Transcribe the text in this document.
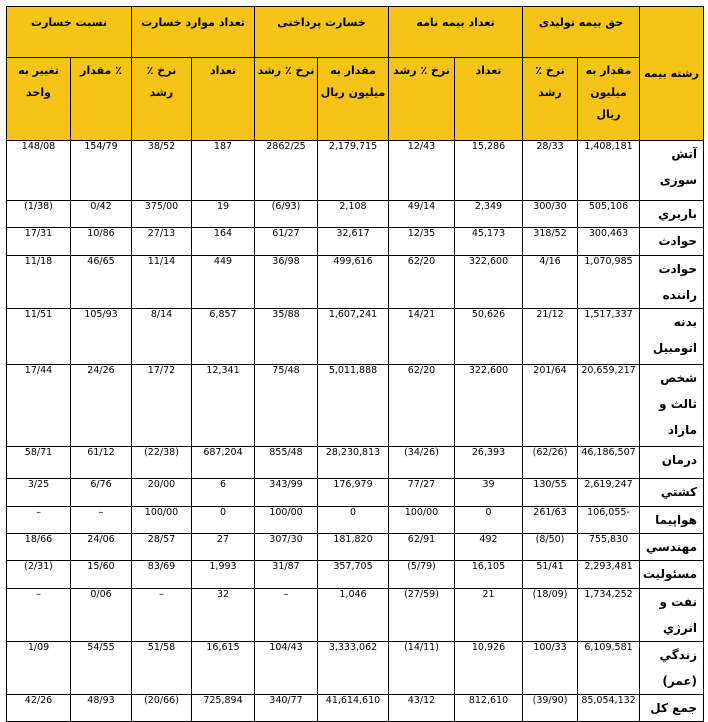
رشته بيمه	حق بیمه تولیدی		تعداد بیمه نامه		خسارت پرداختی		تعداد موارد خسارت		نسبت خسارت	
	مقدار به میلیون ریال	نرخ ٪ رشد	تعداد	نرخ ٪ رشد	مقدار به میلیون ریال	نرخ ٪ رشد	تعداد	نرخ ٪ رشد	٪ مقدار	تغییر به واحد
آتش سوزی	1,408,181	28/33	15,286	12/43	2,179,715	2862/25	187	38/52	154/79	148/08
باربري	505,106	300/30	2,349	49/14	2,108	(6/93)	19	375/00	0/42	(1/38)
حوادث	300,463	318/52	45,173	12/35	32,617	61/27	164	27/13	10/86	17/31
حوادث راننده	1,070,985	4/16	322,600	62/20	499,616	36/98	449	11/14	46/65	11/18
بدنه اتومبیل	1,517,337	21/12	50,626	14/21	1,607,241	35/88	6,857	8/14	105/93	11/51
شخص ثالث و مازاد	20,659,217	201/64	322,600	62/20	5,011,888	75/48	12,341	17/72	24/26	17/44
درمان	46,186,507	(62/26)	26,393	(34/26)	28,230,813	855/48	687,204	(22/38)	61/12	58/71
کشتي	2,619,247	130/55	39	77/27	176,979	343/99	6	20/00	6/76	3/25
هواپیما	-106,055	261/63	0	100/00	0	100/00	0	100/00	–	–
مهندسي	755,830	(8/50)	492	62/91	181,820	307/30	27	28/57	24/06	18/66
مسئولیت	2,293,481	51/41	16,105	(5/79)	357,705	31/87	1,993	83/69	15/60	(2/31)
نفت و انرژي	1,734,252	(18/09)	21	(27/59)	1,046	–	32	–	0/06	–
زندگي (عمر)	6,109,581	100/33	10,926	(14/11)	3,333,062	104/43	16,615	51/58	54/55	1/09
جمع کل	85,054,132	(39/90)	812,610	43/12	41,614,610	340/77	725,894	(20/66)	48/93	42/26
